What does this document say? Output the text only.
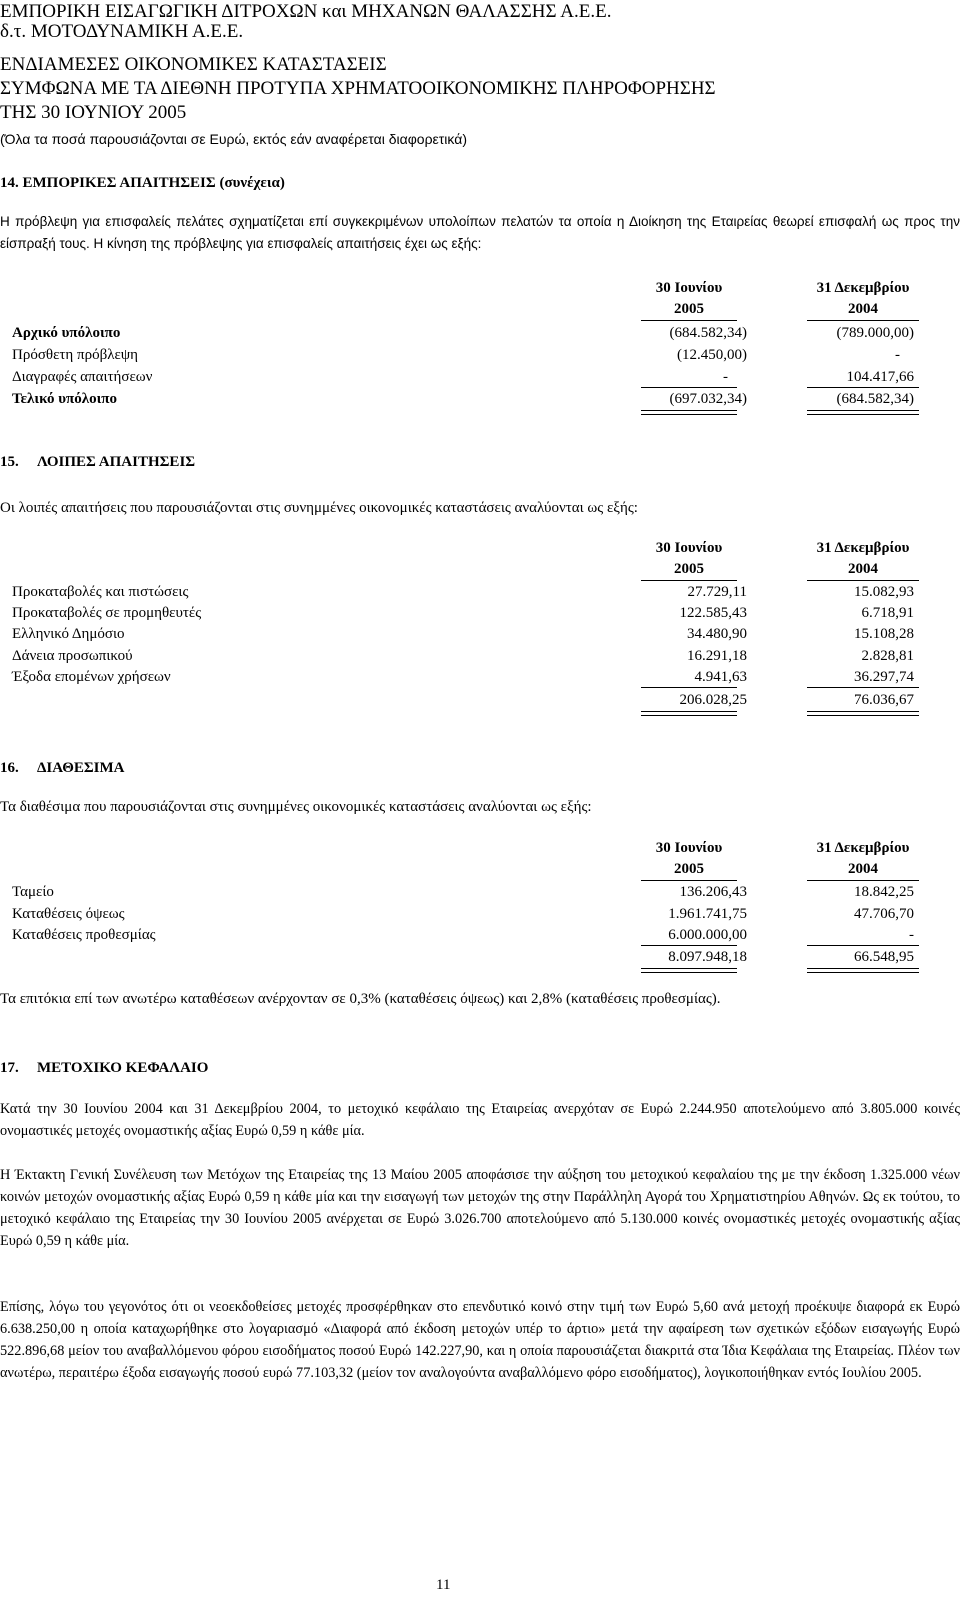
ΕΜΠΟΡΙΚΗ ΕΙΣΑΓΩΓΙΚΗ ΔΙΤΡΟΧΩΝ και ΜΗΧΑΝΩΝ ΘΑΛΑΣΣΗΣ Α.Ε.Ε.
δ.τ. ΜΟΤΟΔΥΝΑΜΙΚΗ Α.Ε.Ε.
ΕΝΔΙΑΜΕΣΕΣ ΟΙΚΟΝΟΜΙΚΕΣ ΚΑΤΑΣΤΑΣΕΙΣ
ΣΥΜΦΩΝΑ ΜΕ ΤΑ ΔΙΕΘΝΗ ΠΡΟΤΥΠΑ ΧΡΗΜΑΤΟΟΙΚΟΝΟΜΙΚΗΣ ΠΛΗΡΟΦΟΡΗΣΗΣ
ΤΗΣ 30 ΙΟΥΝΙΟΥ 2005
(Όλα τα ποσά παρουσιάζονται σε Ευρώ, εκτός εάν αναφέρεται διαφορετικά)
14. ΕΜΠΟΡΙΚΕΣ ΑΠΑΙΤΗΣΕΙΣ (συνέχεια)
Η πρόβλεψη για επισφαλείς πελάτες σχηματίζεται επί συγκεκριμένων υπολοίπων πελατών τα οποία η Διοίκηση της Εταιρείας θεωρεί επισφαλή ως προς την είσπραξή τους. Η κίνηση της πρόβλεψης για επισφαλείς απαιτήσεις έχει ως εξής:
30 Ιουνίου
2005
31 Δεκεμβρίου
2004
Αρχικό υπόλοιπο	(684.582,34)	(789.000,00)
Πρόσθετη πρόβλεψη	(12.450,00)	-
Διαγραφές απαιτήσεων	-	104.417,66
Τελικό υπόλοιπο	(697.032,34)	(684.582,34)
15. ΛΟΙΠΕΣ ΑΠΑΙΤΗΣΕΙΣ
Οι λοιπές απαιτήσεις που παρουσιάζονται στις συνημμένες οικονομικές καταστάσεις αναλύονται ως εξής:
30 Ιουνίου
2005
31 Δεκεμβρίου
2004
Προκαταβολές και πιστώσεις	27.729,11	15.082,93
Προκαταβολές σε προμηθευτές	122.585,43	6.718,91
Ελληνικό Δημόσιο	34.480,90	15.108,28
Δάνεια προσωπικού	16.291,18	2.828,81
Έξοδα επομένων χρήσεων	4.941,63	36.297,74
206.028,25	76.036,67
16. ΔΙΑΘΕΣΙΜΑ
Τα διαθέσιμα που παρουσιάζονται στις συνημμένες οικονομικές καταστάσεις αναλύονται ως εξής:
30 Ιουνίου
2005
31 Δεκεμβρίου
2004
Ταμείο	136.206,43	18.842,25
Καταθέσεις όψεως	1.961.741,75	47.706,70
Καταθέσεις προθεσμίας	6.000.000,00	-
8.097.948,18	66.548,95
Τα επιτόκια επί των ανωτέρω καταθέσεων ανέρχονταν σε 0,3% (καταθέσεις όψεως) και 2,8% (καταθέσεις προθεσμίας).
17. ΜΕΤΟΧΙΚΟ ΚΕΦΑΛΑΙΟ
Κατά την 30 Ιουνίου 2004 και 31 Δεκεμβρίου 2004, το μετοχικό κεφάλαιο της Εταιρείας ανερχόταν σε Ευρώ 2.244.950 αποτελούμενο από 3.805.000 κοινές ονομαστικές μετοχές ονομαστικής αξίας Ευρώ 0,59 η κάθε μία.
Η Έκτακτη Γενική Συνέλευση των Μετόχων της Εταιρείας της 13 Μαίου 2005 αποφάσισε την αύξηση του μετοχικού κεφαλαίου της με την έκδοση 1.325.000 νέων κοινών μετοχών ονομαστικής αξίας Ευρώ 0,59 η κάθε μία και την εισαγωγή των μετοχών της στην Παράλληλη Αγορά του Χρηματιστηρίου Αθηνών. Ως εκ τούτου, το μετοχικό κεφάλαιο της Εταιρείας την 30 Ιουνίου 2005 ανέρχεται σε Ευρώ 3.026.700 αποτελούμενο από 5.130.000 κοινές ονομαστικές μετοχές ονομαστικής αξίας Ευρώ 0,59 η κάθε μία.
Επίσης, λόγω του γεγονότος ότι οι νεοεκδοθείσες μετοχές προσφέρθηκαν στο επενδυτικό κοινό στην τιμή των Ευρώ 5,60 ανά μετοχή προέκυψε διαφορά εκ Ευρώ 6.638.250,00 η οποία καταχωρήθηκε στο λογαριασμό «Διαφορά από έκδοση μετοχών υπέρ το άρτιο» μετά την αφαίρεση των σχετικών εξόδων εισαγωγής Ευρώ 522.896,68 μείον του αναβαλλόμενου φόρου εισοδήματος ποσού Ευρώ 142.227,90, και η οποία παρουσιάζεται διακριτά στα Ίδια Κεφάλαια της Εταιρείας. Πλέον των ανωτέρω, περαιτέρω έξοδα εισαγωγής ποσού ευρώ 77.103,32 (μείον τον αναλογούντα αναβαλλόμενο φόρο εισοδήματος), λογικοποιήθηκαν εντός Ιουλίου 2005.
11
